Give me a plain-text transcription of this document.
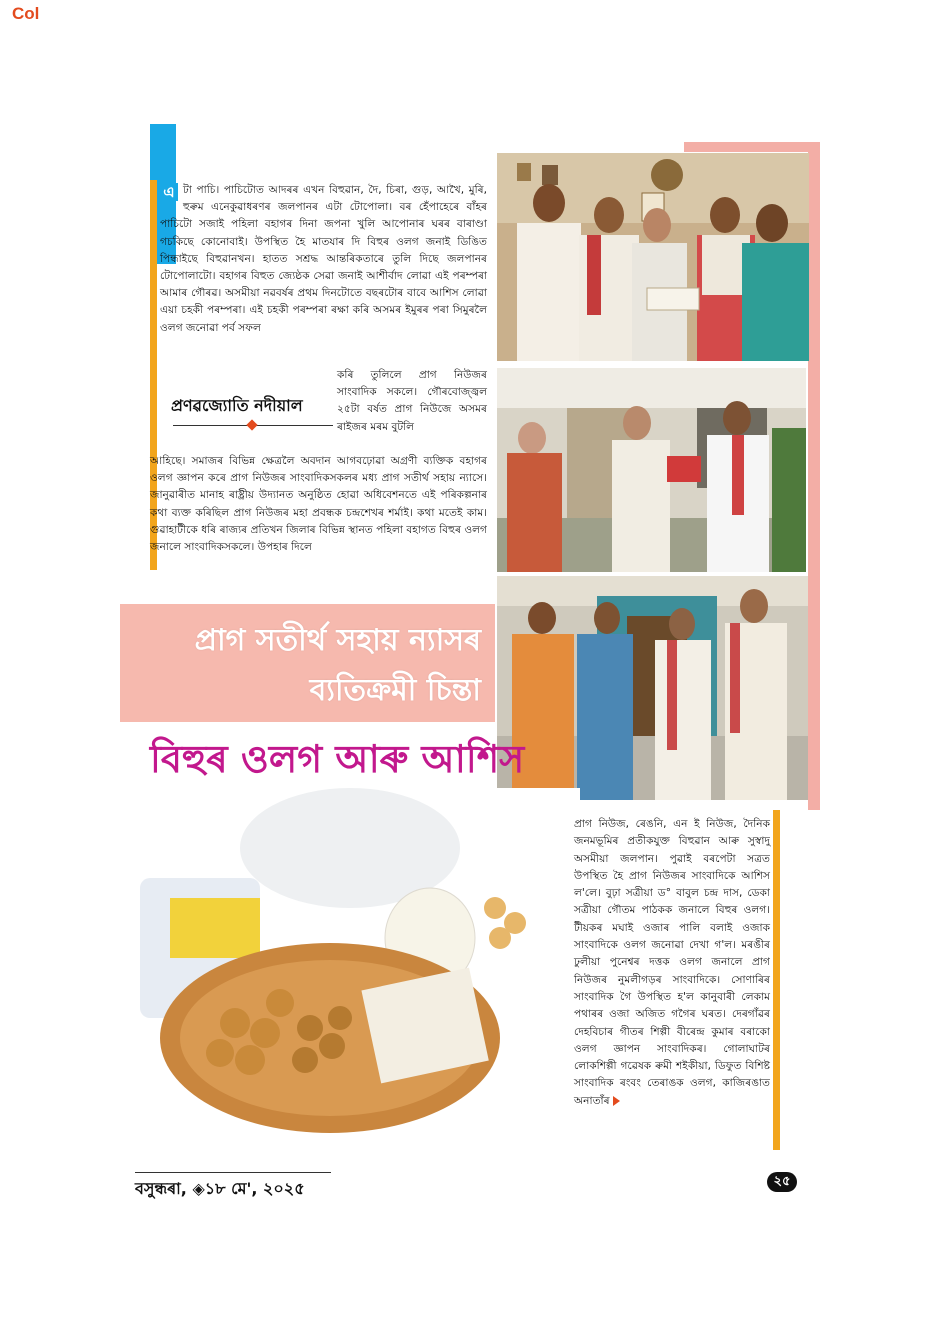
Col
এ টা পাচি। পাচিটোত আদৰৰ এখন বিহুৱান, দৈ, চিৰা, গুড়, আখৈ, মুৰি, হুৰুম এনেকুৱাধৰণৰ জলপানৰ এটা টোপোলা। বৰ হেঁপাহেৰে বাঁহৰ পাচিটো সজাই পহিলা বহাগৰ দিনা জপনা খুলি আপোনাৰ ঘৰৰ বাৰাণ্ডা গচকিছে কোনোবাই। উপস্থিত হৈ মাতযাৰ দি বিহুৰ ওলগ জনাই ডিঙিত পিন্ধাইছে বিহুৱানখন। হাতত সশ্ৰদ্ধ আন্তৰিকতাৰে তুলি দিছে জলপানৰ টোপোলাটো। বহাগৰ বিহুত জ্যেষ্ঠক সেৱা জনাই আশীৰ্বাদ লোৱা এই পৰম্পৰা আমাৰ গৌৰৱ। অসমীয়া নৱবৰ্ষৰ প্ৰথম দিনটোতে বছৰটোৰ বাবে আশিস লোৱা এয়া চহকী পৰম্পৰা। এই চহকী পৰম্পৰা ৰক্ষা কৰি অসমৰ ইমুৰৰ পৰা সিমুৰলৈ ওলগ জনোৱা পৰ্ব সফল
প্ৰণৱজ্যোতি নদীয়াল
কৰি তুলিলে প্ৰাগ নিউজৰ সাংবাদিক সকলে। গৌৰবোজ্জ্বল ২৫টা বৰ্ষত প্ৰাগ নিউজে অসমৰ ৰাইজৰ মৰম বুটলি
আহিছে। সমাজৰ বিভিন্ন ক্ষেত্ৰলৈ অবদান আগবঢ়োৱা অগ্ৰণী ব্যক্তিক বহাগৰ ওলগ জ্ঞাপন কৰে প্ৰাগ নিউজৰ সাংবাদিকসকলৰ মধ্য প্ৰাগ সতীৰ্থ সহায় ন্যাসে। জানুৱাৰীত মানাহ ৰাষ্ট্ৰীয় উদ্যানত অনুষ্ঠিত হোৱা অধিবেশনতে এই পৰিকল্পনাৰ কথা ব্যক্ত কৰিছিল প্ৰাগ নিউজৰ মহা প্ৰবন্ধক চন্দ্ৰশেখৰ শৰ্মাই। কথা মতেই কাম। গুৱাহাটীকে ধৰি ৰাজ্যৰ প্ৰতিখন জিলাৰ বিভিন্ন স্থানত পহিলা বহাগত বিহুৰ ওলগ জনালে সাংবাদিকসকলে। উপহাৰ দিলে
প্ৰাগ সতীৰ্থ সহায় ন্যাসৰ
ব্যতিক্ৰমী চিন্তা
বিহুৰ ওলগ আৰু আশিস
প্ৰাগ নিউজ, ৰেঙনি, এন ই নিউজ, দৈনিক জনমভূমিৰ প্ৰতীকযুক্ত বিহুৱান আৰু সুস্বাদু অসমীয়া জলপান। পুৱাই বৰপেটা সত্ৰত উপস্থিত হৈ প্ৰাগ নিউজৰ সাংবাদিকে আশিস ল'লে। বুঢ়া সত্ৰীয়া ড° বাবুল চন্দ্ৰ দাস, ডেকা সত্ৰীয়া গৌতম পাঠকক জনালে বিহুৰ ওলগ। টীয়কৰ মঘাই ওজাৰ পালি বলাই ওজাক সাংবাদিকে ওলগ জনোৱা দেখা গ'ল। মৰঙীৰ ঢুলীয়া পুনেশ্বৰ দত্তক ওলগ জনালে প্ৰাগ নিউজৰ নুমলীগড়ৰ সাংবাদিকে। সোণাৰিৰ সাংবাদিক গৈ উপস্থিত হ'ল কানুবাৰী লেকাম পথাৰৰ ওজা অজিত গগৈৰ ঘৰত। দেৰগাঁৱৰ দেহবিচাৰ গীতৰ শিল্পী বীৰেন্দ্ৰ কুমাৰ বৰাকো ওলগ জ্ঞাপন সাংবাদিকৰ। গোলাঘাটৰ লোকশিল্পী গৱেষক ৰুমী শইকীয়া, ডিফুত বিশিষ্ট সাংবাদিক ৰংবং তেৰাঙক ওলগ, কাজিৰঙাত অনাতাঁৰ
বসুন্ধৰা, ◈১৮ মে', ২০২৫	২৫
